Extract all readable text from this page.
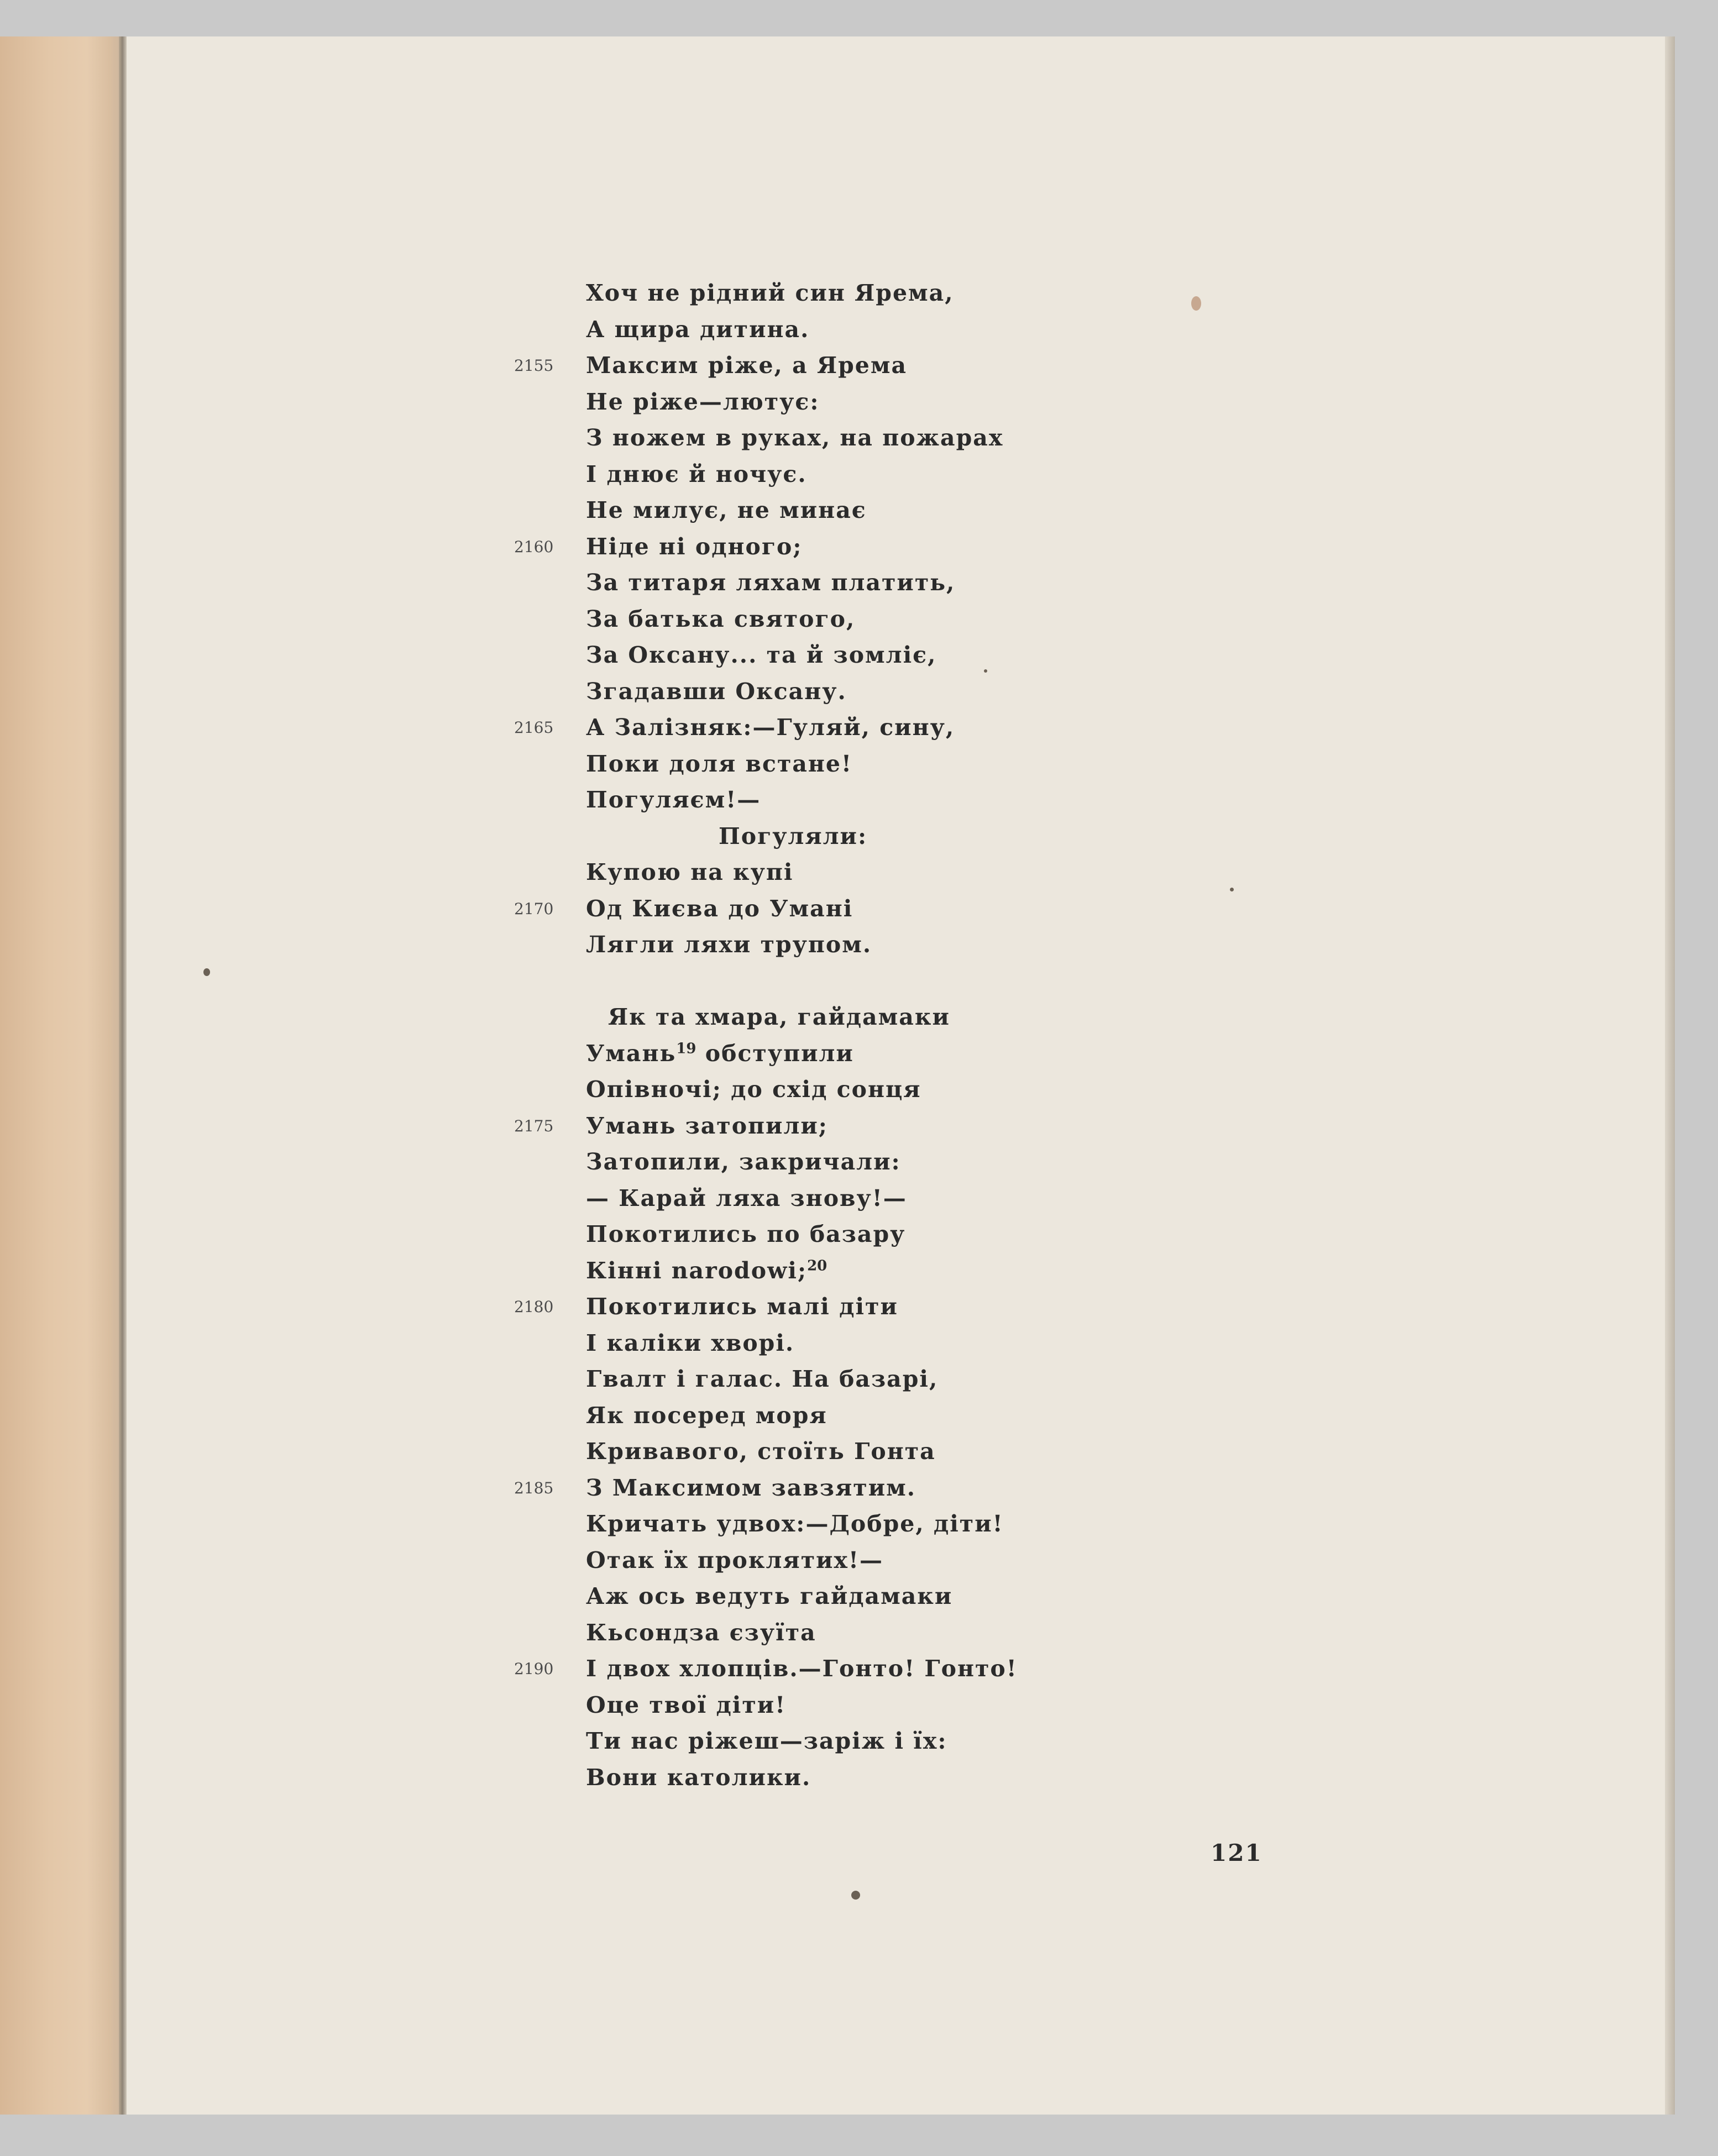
Хоч не рідний син Ярема,
А щира дитина.
2155	Максим ріже, а Ярема
Не ріже—лютує:
З ножем в руках, на пожарах
І днює й ночує.
Не милує, не минає
2160	Ніде ні одного;
За титаря ляхам платить,
За батька святого,
За Оксану... та й зомліє,
Згадавши Оксану.
2165	А Залізняк:—Гуляй, сину,
Поки доля встане!
Погуляєм!—
Погуляли:
Купою на купі
2170	Од Києва до Умані
Лягли ляхи трупом.
Як та хмара, гайдамаки
Умань$^{19}$ обступили
Опівночі; до схід сонця
2175	Умань затопили;
Затопили, закричали:
— Карай ляха знову!—
Покотились по базару
Кінні narodowi;$^{20}$
2180	Покотились малі діти
І каліки хворі.
Гвалт і галас. На базарі,
Як посеред моря
Кривавого, стоїть Гонта
2185	З Максимом завзятим.
Кричать удвох:—Добре, діти!
Отак їх проклятих!—
Аж ось ведуть гайдамаки
Кьсондза єзуїта
2190	І двох хлопців.—Гонто! Гонто!
Оце твої діти!
Ти нас ріжеш—заріж і їх:
Вони католики.
121
